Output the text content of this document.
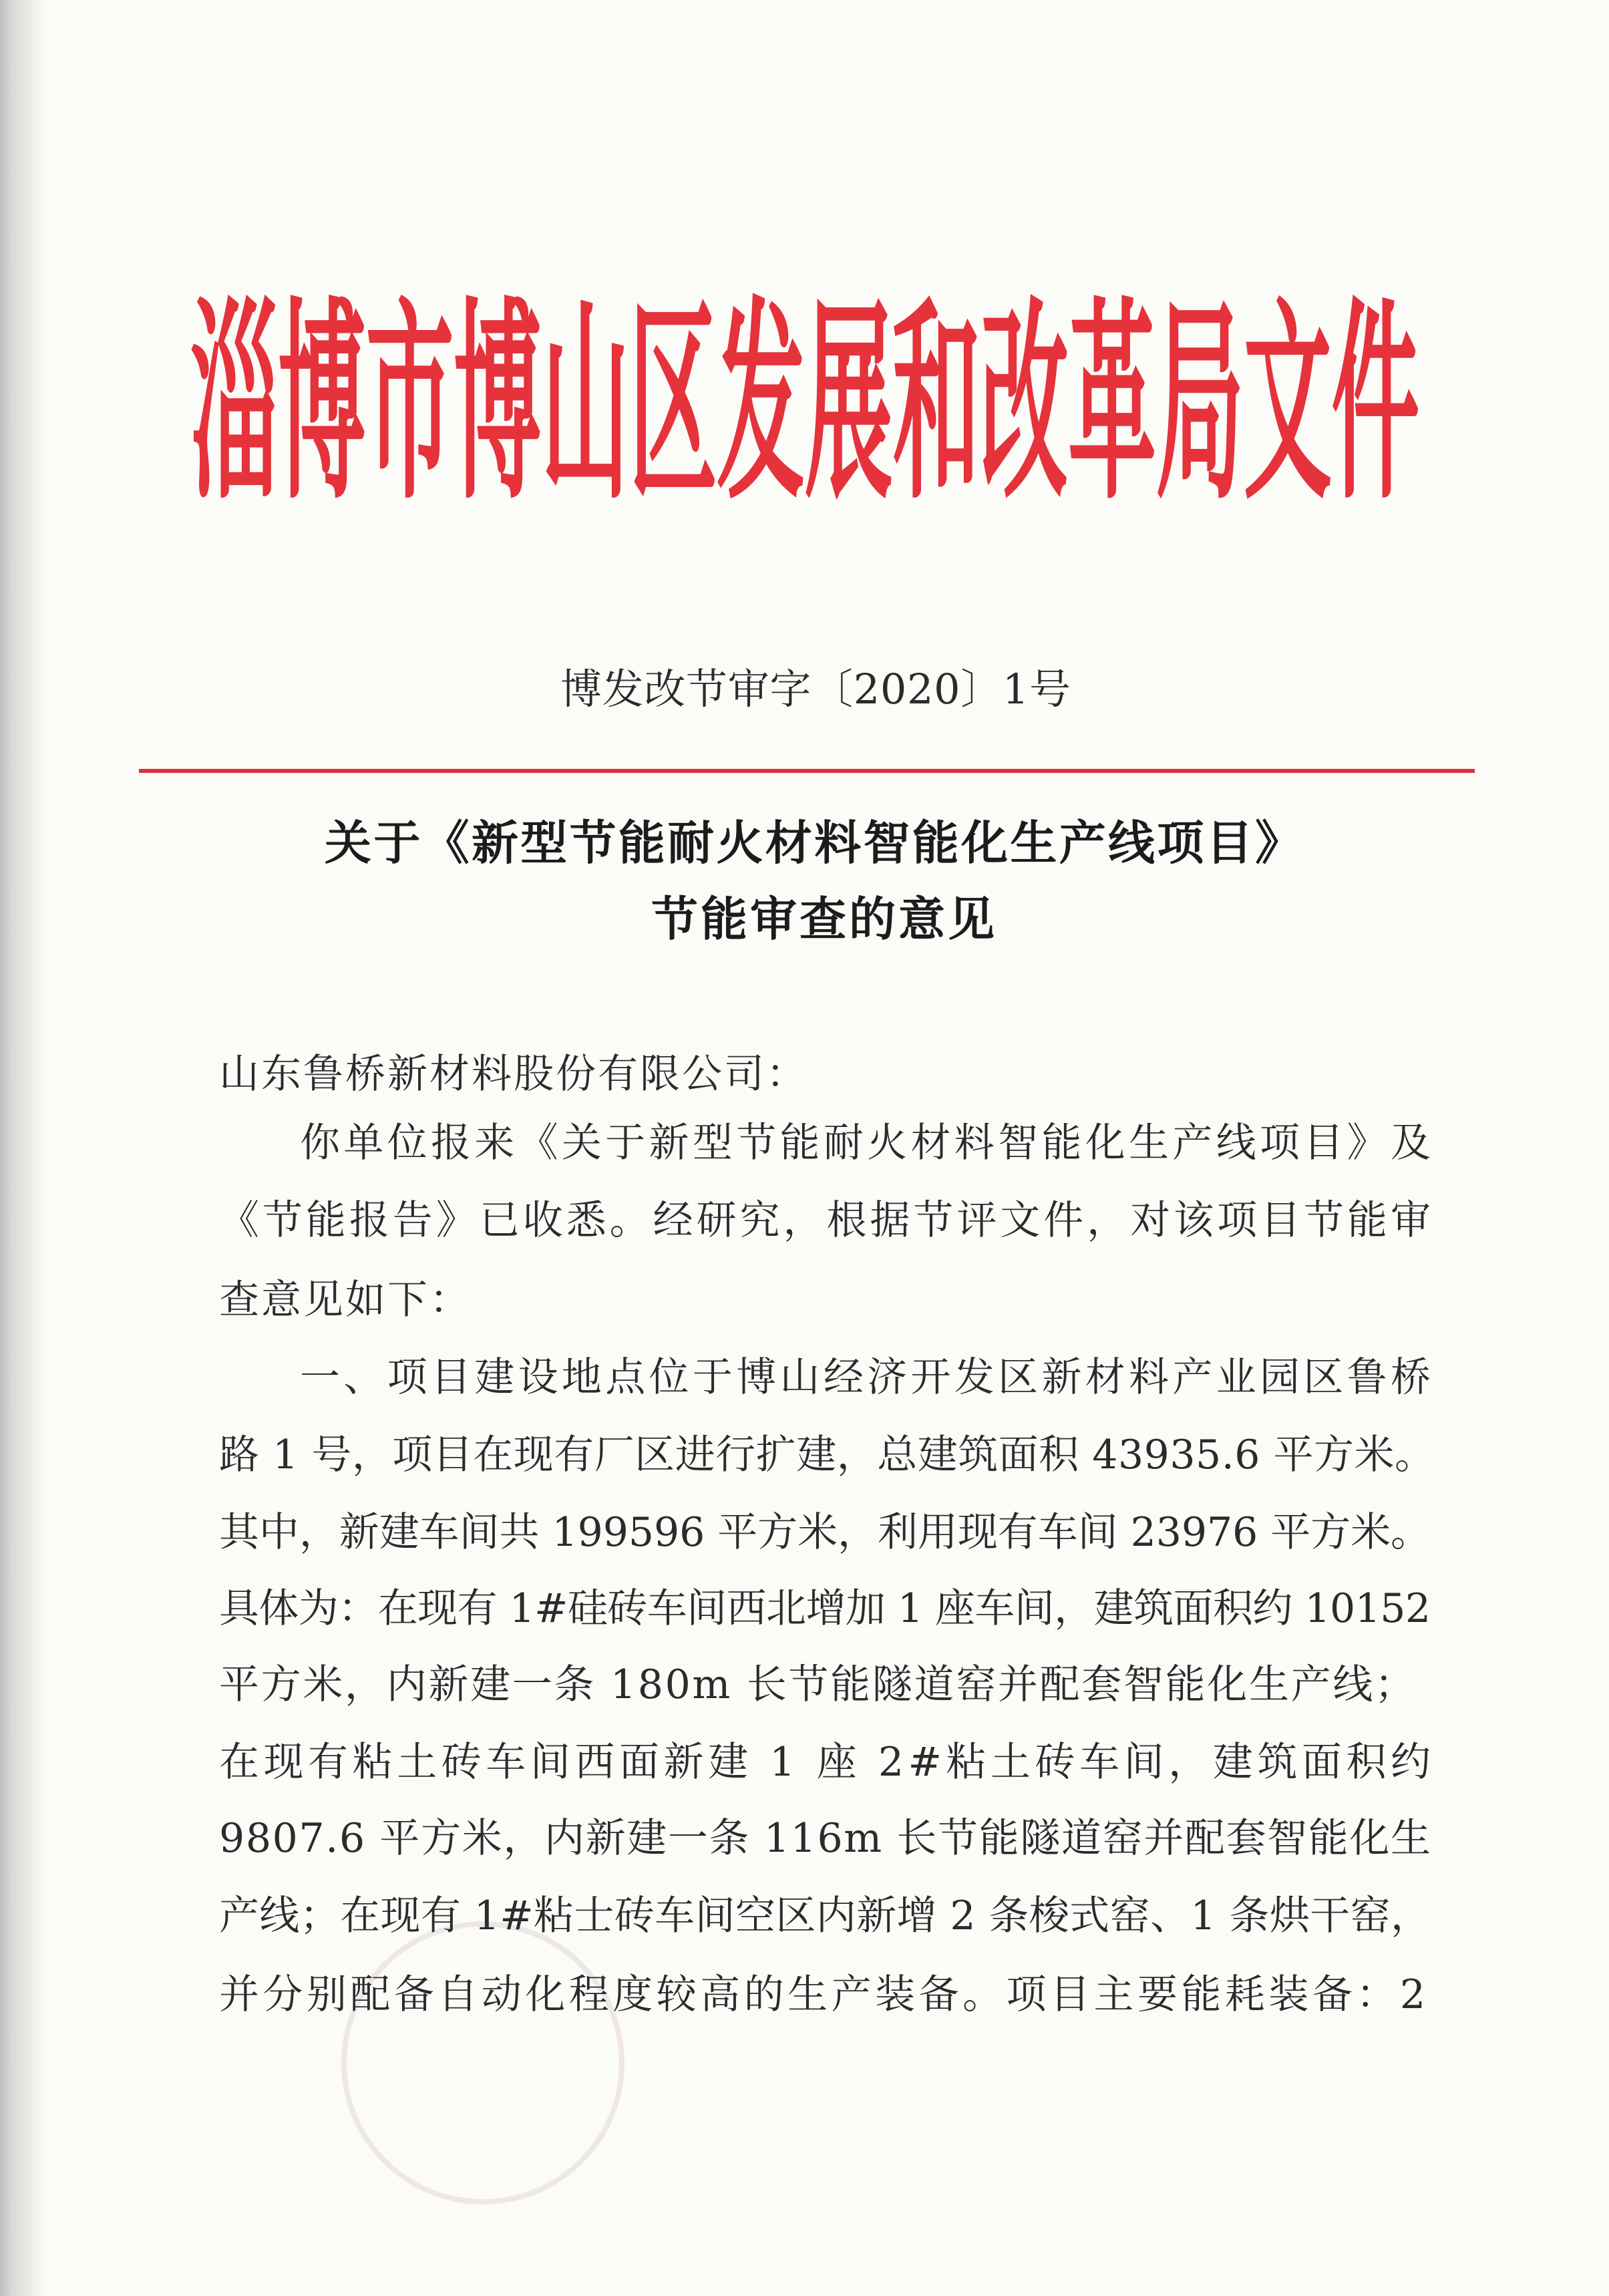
淄博市博山区发展和改革局文件
博发改节审字〔2020〕1号
关于《新型节能耐火材料智能化生产线项目》
节能审查的意见
山东鲁桥新材料股份有限公司：
你单位报来《关于新型节能耐火材料智能化生产线项目》及
《节能报告》已收悉。经研究，根据节评文件，对该项目节能审
查意见如下：
一、项目建设地点位于博山经济开发区新材料产业园区鲁桥
路 1 号，项目在现有厂区进行扩建，总建筑面积 43935.6 平方米。
其中，新建车间共 199596 平方米，利用现有车间 23976 平方米。
具体为：在现有 1#硅砖车间西北增加 1 座车间，建筑面积约 10152
平方米，内新建一条 180m 长节能隧道窑并配套智能化生产线；
在现有粘土砖车间西面新建 1 座 2#粘土砖车间，建筑面积约
9807.6 平方米，内新建一条 116m 长节能隧道窑并配套智能化生
产线；在现有 1#粘士砖车间空区内新增 2 条梭式窑、1 条烘干窑，
并分别配备自动化程度较高的生产装备。项目主要能耗装备：2
